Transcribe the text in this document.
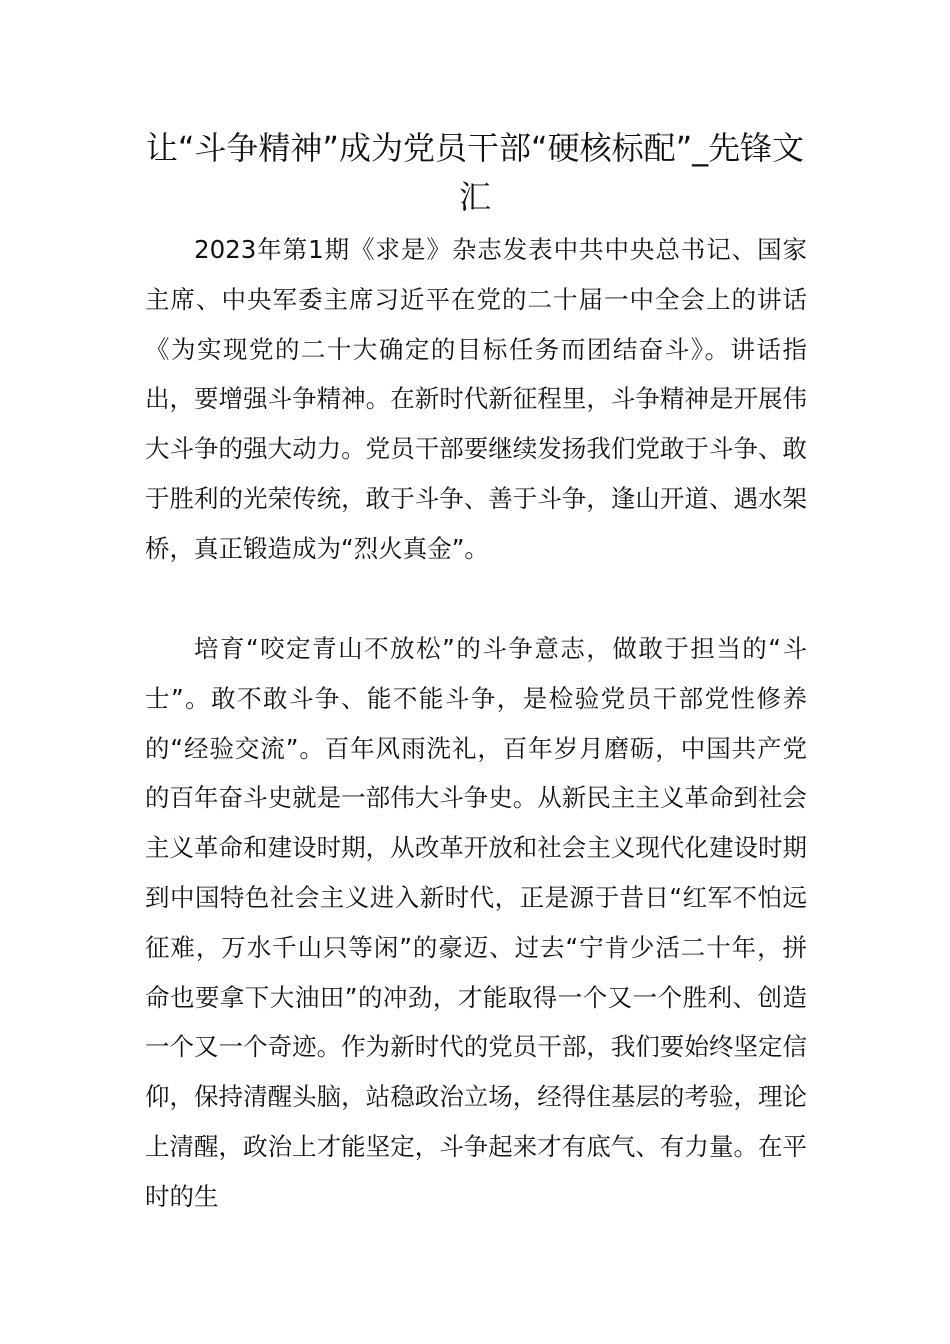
让“斗争精神”成为党员干部“硬核标配”_先锋文汇

2023年第1期《求是》杂志发表中共中央总书记、国家主席、中央军委主席习近平在党的二十届一中全会上的讲话《为实现党的二十大确定的目标任务而团结奋斗》。讲话指出，要增强斗争精神。在新时代新征程里，斗争精神是开展伟大斗争的强大动力。党员干部要继续发扬我们党敢于斗争、敢于胜利的光荣传统，敢于斗争、善于斗争，逢山开道、遇水架桥，真正锻造成为“烈火真金”。

培育“咬定青山不放松”的斗争意志，做敢于担当的“斗士”。敢不敢斗争、能不能斗争，是检验党员干部党性修养的“经验交流”。百年风雨洗礼，百年岁月磨砺，中国共产党的百年奋斗史就是一部伟大斗争史。从新民主主义革命到社会主义革命和建设时期，从改革开放和社会主义现代化建设时期到中国特色社会主义进入新时代，正是源于昔日“红军不怕远征难，万水千山只等闲”的豪迈、过去“宁肯少活二十年，拼命也要拿下大油田”的冲劲，才能取得一个又一个胜利、创造一个又一个奇迹。作为新时代的党员干部，我们要始终坚定信仰，保持清醒头脑，站稳政治立场，经得住基层的考验，理论上清醒，政治上才能坚定，斗争起来才有底气、有力量。在平时的生
